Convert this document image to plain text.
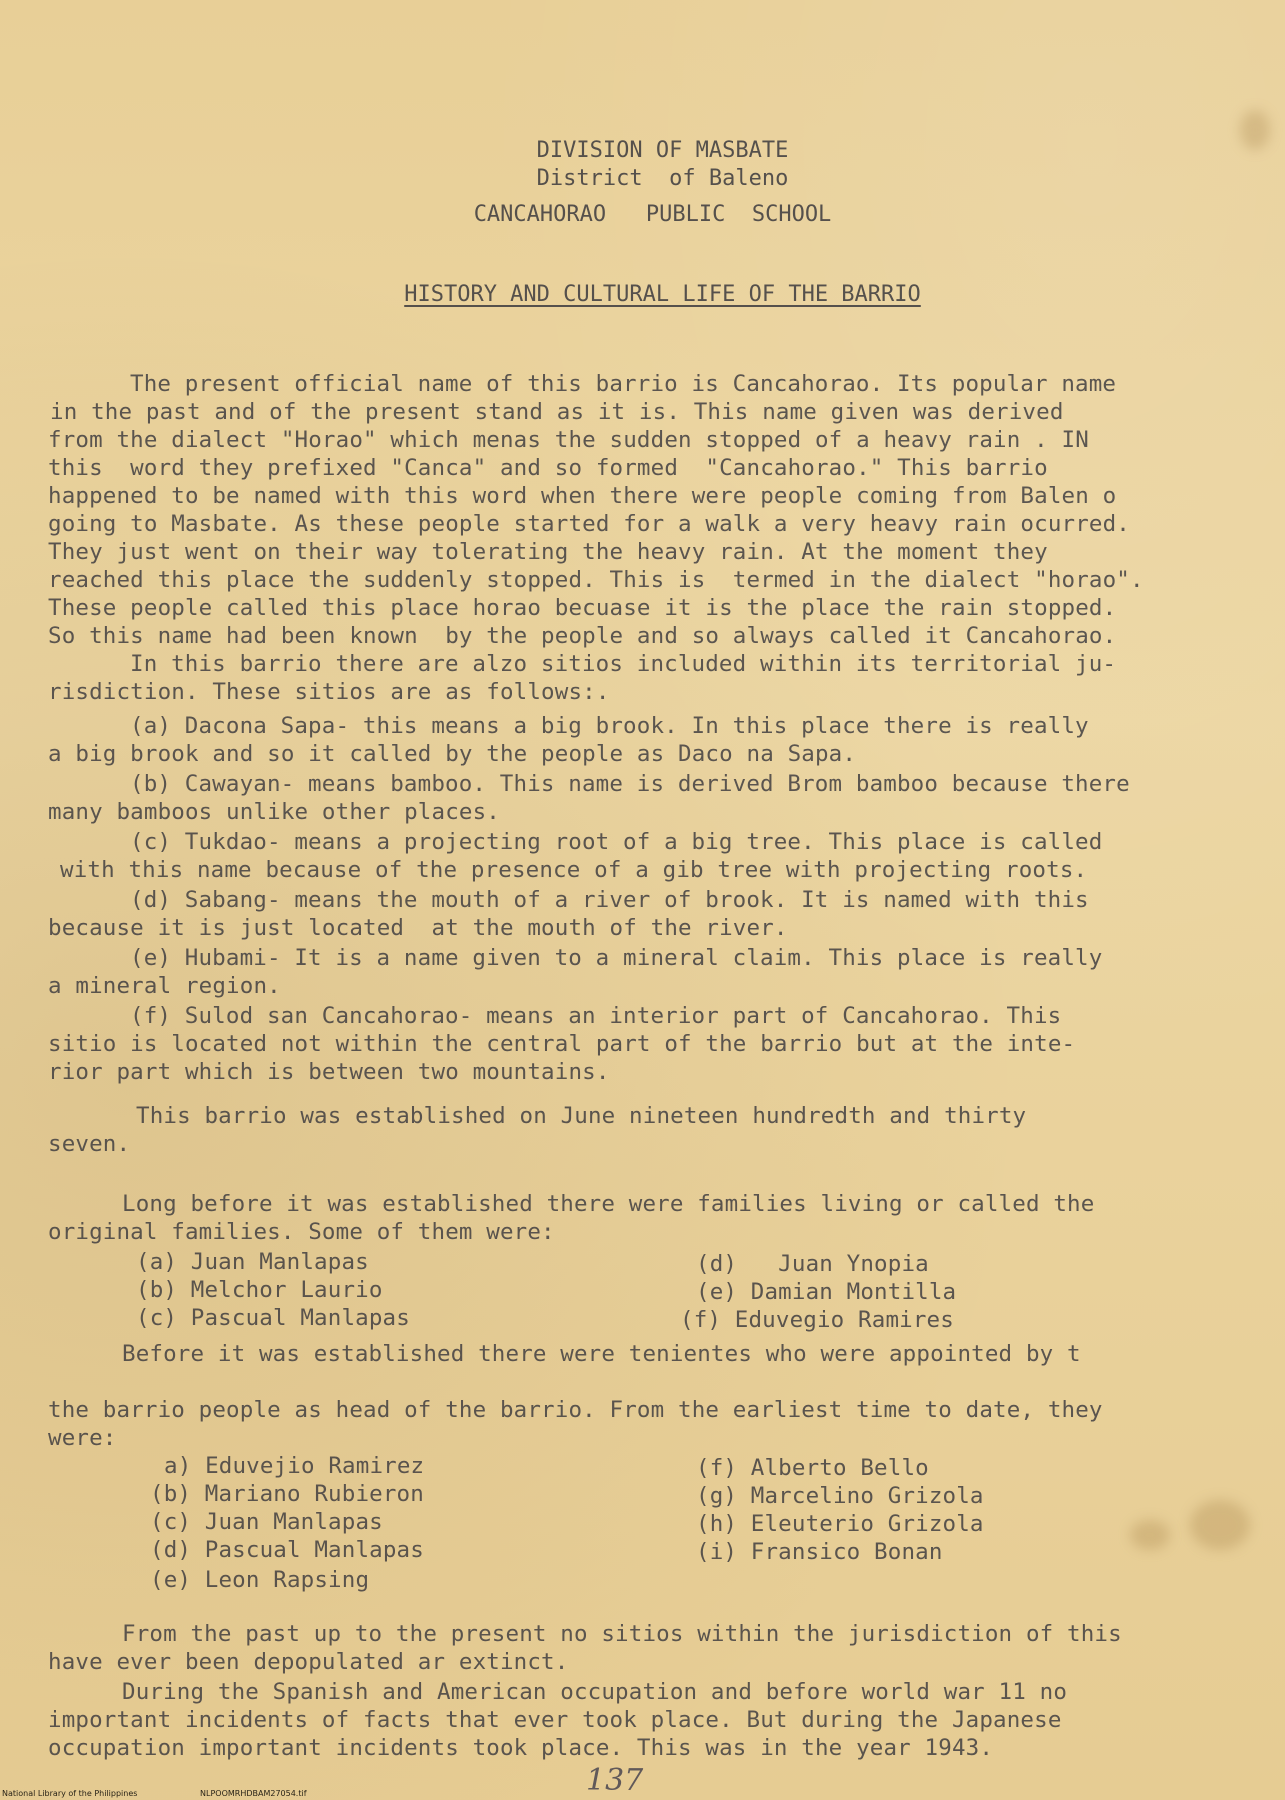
DIVISION OF MASBATE
District  of Baleno
CANCAHORAO   PUBLIC  SCHOOL
HISTORY AND CULTURAL LIFE OF THE BARRIO
The present official name of this barrio is Cancahorao. Its popular name
in the past and of the present stand as it is. This name given was derived
from the dialect "Horao" which menas the sudden stopped of a heavy rain . IN
this  word they prefixed "Canca" and so formed  "Cancahorao." This barrio
happened to be named with this word when there were people coming from Balen o
going to Masbate. As these people started for a walk a very heavy rain ocurred.
They just went on their way tolerating the heavy rain. At the moment they
reached this place the suddenly stopped. This is  termed in the dialect "horao".
These people called this place horao becuase it is the place the rain stopped.
So this name had been known  by the people and so always called it Cancahorao.
In this barrio there are alzo sitios included within its territorial ju-
risdiction. These sitios are as follows:.
(a) Dacona Sapa- this means a big brook. In this place there is really
a big brook and so it called by the people as Daco na Sapa.
(b) Cawayan- means bamboo. This name is derived Brom bamboo because there
many bamboos unlike other places.
(c) Tukdao- means a projecting root of a big tree. This place is called
with this name because of the presence of a gib tree with projecting roots.
(d) Sabang- means the mouth of a river of brook. It is named with this
because it is just located  at the mouth of the river.
(e) Hubami- It is a name given to a mineral claim. This place is really
a mineral region.
(f) Sulod san Cancahorao- means an interior part of Cancahorao. This
sitio is located not within the central part of the barrio but at the inte-
rior part which is between two mountains.
This barrio was established on June nineteen hundredth and thirty
seven.
Long before it was established there were families living or called the
original families. Some of them were:
(a) Juan Manlapas
(b) Melchor Laurio
(c) Pascual Manlapas
(d)   Juan Ynopia
(e) Damian Montilla
(f) Eduvegio Ramires
Before it was established there were tenientes who were appointed by t
the barrio people as head of the barrio. From the earliest time to date, they
were:
a) Eduvejio Ramirez
(b) Mariano Rubieron
(c) Juan Manlapas
(d) Pascual Manlapas
(e) Leon Rapsing
(f) Alberto Bello
(g) Marcelino Grizola
(h) Eleuterio Grizola
(i) Fransico Bonan
From the past up to the present no sitios within the jurisdiction of this
have ever been depopulated ar extinct.
During the Spanish and American occupation and before world war 11 no
important incidents of facts that ever took place. But during the Japanese
occupation important incidents took place. This was in the year 1943.
137

National Library of the Philippines

	NLPOOMRHDBAM27054.tif
